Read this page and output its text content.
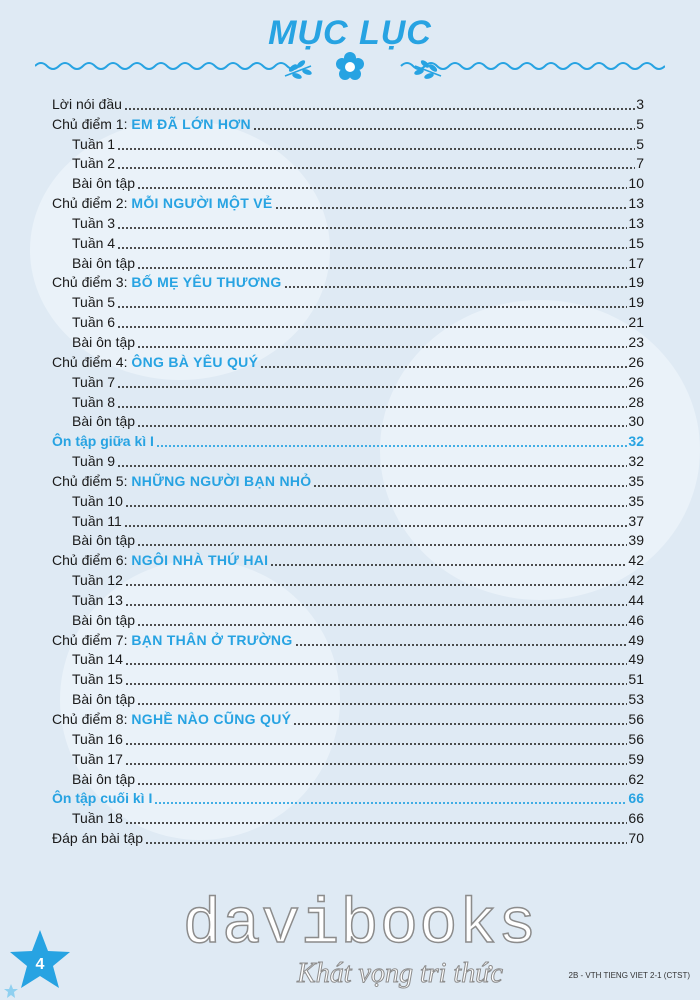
MỤC LỤC
Lời nói đầu	3
Chủ điểm 1: EM ĐÃ LỚN HƠN	5
Tuần 1	5
Tuần 2	7
Bài ôn tập	10
Chủ điểm 2: MỖI NGƯỜI MỘT VẺ	13
Tuần 3	13
Tuần 4	15
Bài ôn tập	17
Chủ điểm 3: BỐ MẸ YÊU THƯƠNG	19
Tuần 5	19
Tuần 6	21
Bài ôn tập	23
Chủ điểm 4: ÔNG BÀ YÊU QUÝ	26
Tuần 7	26
Tuần 8	28
Bài ôn tập	30
Ôn tập giữa kì I	32
Tuần 9	32
Chủ điểm 5: NHỮNG NGƯỜI BẠN NHỎ	35
Tuần 10	35
Tuần 11	37
Bài ôn tập	39
Chủ điểm 6: NGÔI NHÀ THỨ HAI	42
Tuần 12	42
Tuần 13	44
Bài ôn tập	46
Chủ điểm 7: BẠN THÂN Ở TRƯỜNG	49
Tuần 14	49
Tuần 15	51
Bài ôn tập	53
Chủ điểm 8: NGHỀ NÀO CŨNG QUÝ	56
Tuần 16	56
Tuần 17	59
Bài ôn tập	62
Ôn tập cuối kì I	66
Tuần 18	66
Đáp án bài tập	70
4
davibooks
Khát vọng tri thức	2B - VTH TIENG VIET 2-1 (CTST)
